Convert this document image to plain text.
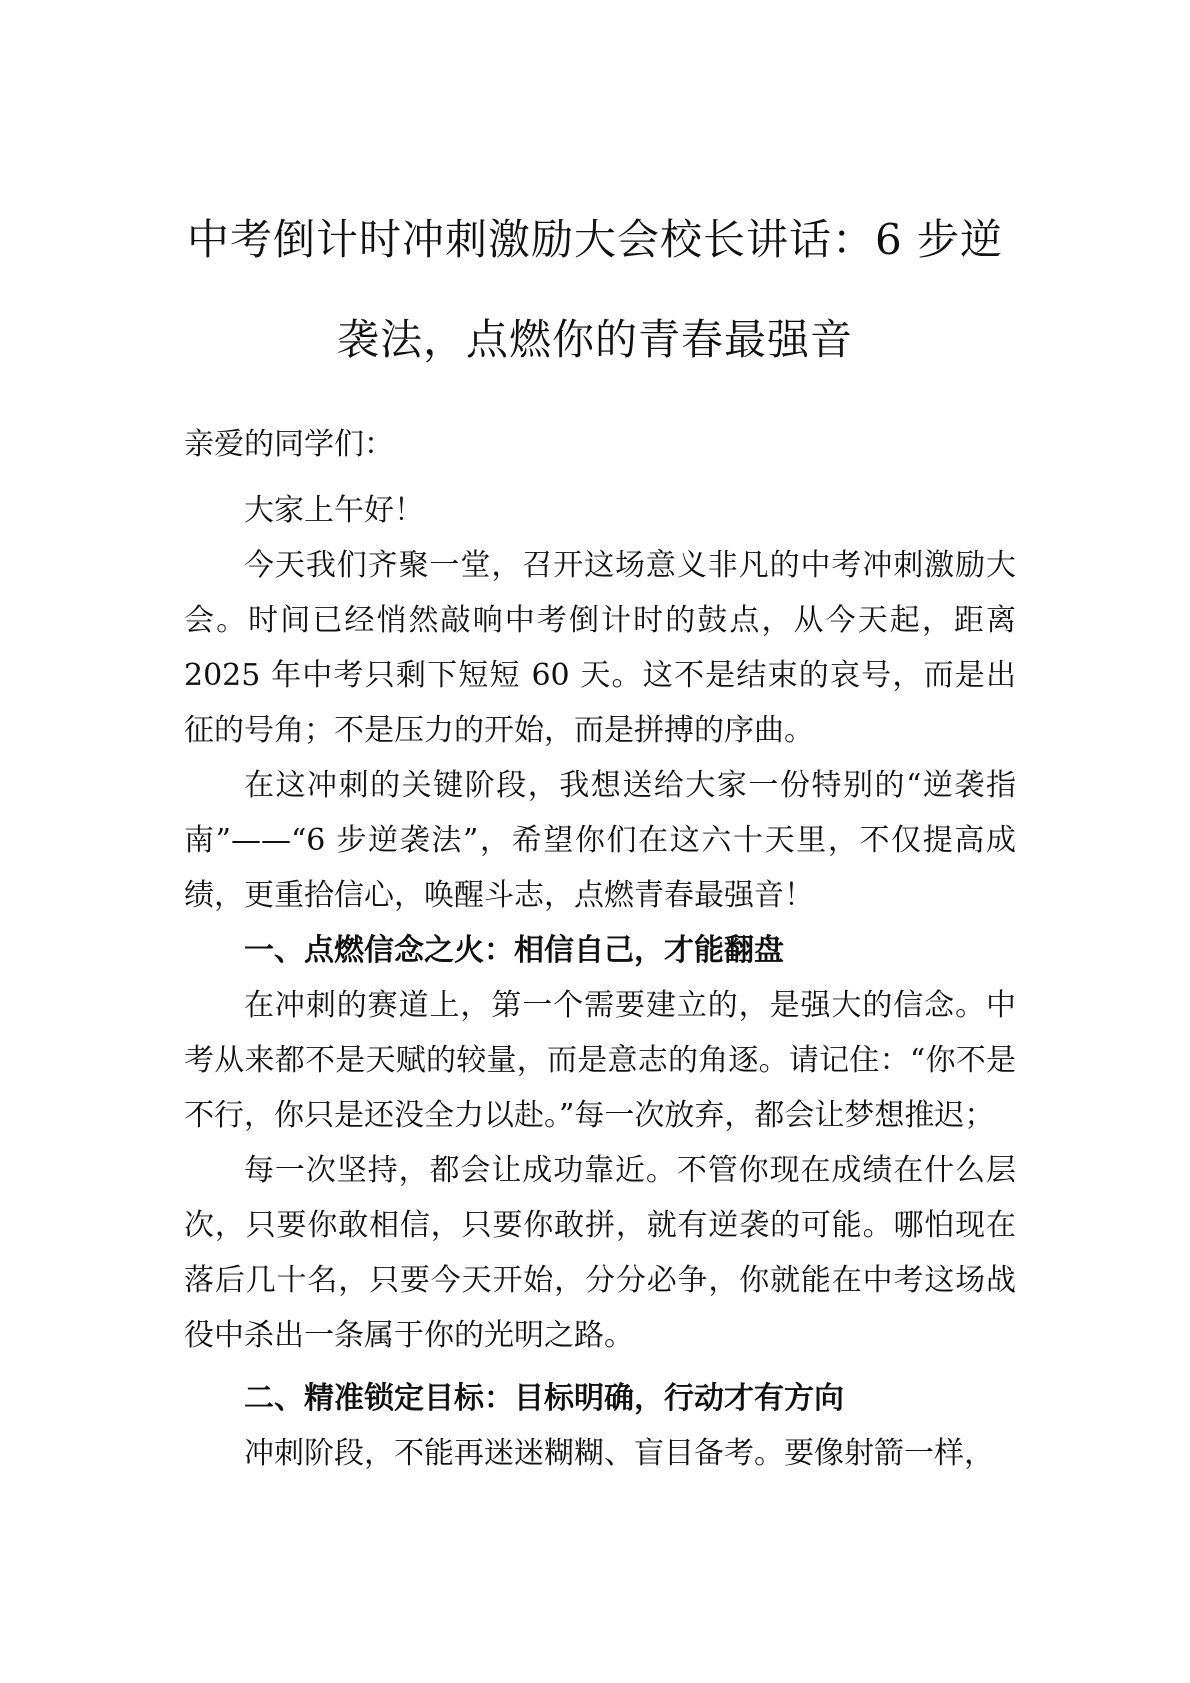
中考倒计时冲刺激励大会校长讲话：6 步逆袭法，点燃你的青春最强音

亲爱的同学们：

大家上午好！

今天我们齐聚一堂，召开这场意义非凡的中考冲刺激励大会。时间已经悄然敲响中考倒计时的鼓点，从今天起，距离 2025 年中考只剩下短短 60 天。这不是结束的哀号，而是出征的号角；不是压力的开始，而是拼搏的序曲。

在这冲刺的关键阶段，我想送给大家一份特别的“逆袭指南”——“6 步逆袭法”，希望你们在这六十天里，不仅提高成绩，更重拾信心，唤醒斗志，点燃青春最强音！

一、点燃信念之火：相信自己，才能翻盘

在冲刺的赛道上，第一个需要建立的，是强大的信念。中考从来都不是天赋的较量，而是意志的角逐。请记住：“你不是不行，你只是还没全力以赴。”每一次放弃，都会让梦想推迟；

每一次坚持，都会让成功靠近。不管你现在成绩在什么层次，只要你敢相信，只要你敢拼，就有逆袭的可能。哪怕现在落后几十名，只要今天开始，分分必争，你就能在中考这场战役中杀出一条属于你的光明之路。

二、精准锁定目标：目标明确，行动才有方向

冲刺阶段，不能再迷迷糊糊、盲目备考。要像射箭一样，
